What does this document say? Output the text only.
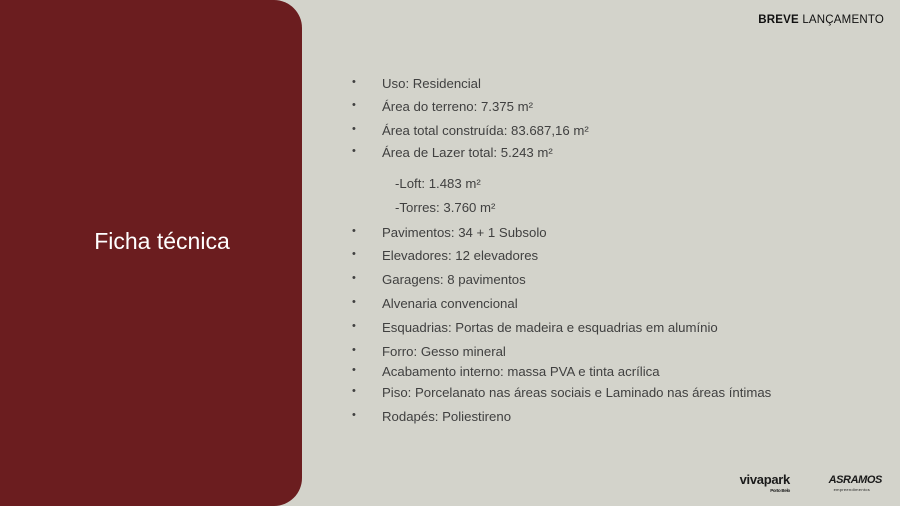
Ficha técnica
BREVE LANÇAMENTO
• Uso: Residencial
• Área do terreno: 7.375 m²
• Área total construída: 83.687,16 m²
• Área de Lazer total: 5.243 m²
-Loft: 1.483 m²
-Torres: 3.760 m²
• Pavimentos: 34 + 1 Subsolo
• Elevadores: 12 elevadores
• Garagens: 8 pavimentos
• Alvenaria convencional
• Esquadrias: Portas de madeira e esquadrias em alumínio
• Forro: Gesso mineral
• Acabamento interno: massa PVA e tinta acrílica
• Piso: Porcelanato nas áreas sociais e Laminado nas áreas íntimas
• Rodapés: Poliestireno
vivapark
Porto Belo
ASRAMOS
empreendimentos
